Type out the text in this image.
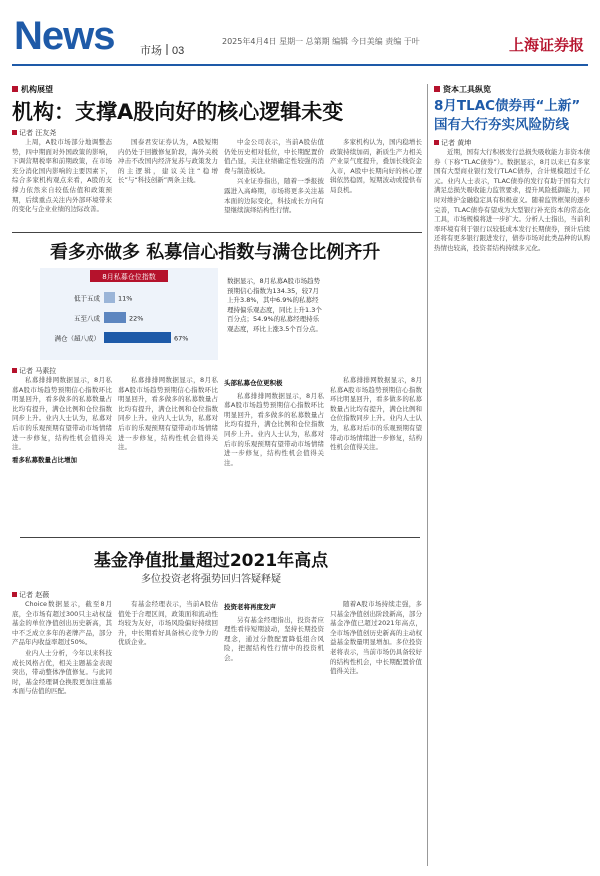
News 市场 03
2025年4月4日 星期一 总第期 编辑 今日美编 责编 于叶	上海证券报
机构展望
机构：支撑A股向好的核心逻辑未变
记者 汪友尧

上周，A股市场部分地调整态势，四中期面对外国政策的影响，下调营期税率和前期政策，在市场充分消化国内影响的主要因素下，综合多家机构观点来看，A股的支撑力依然来自较低估值和政策预期，后续重点关注内外部环境带来的变化与企业业绩的边际改善。

国泰君安证券认为，A股短期内仍处于回撤修复阶段，海外关税冲击不改国内经济复苏与政策发力的主逻辑，建议关注“稳增长”与“科技创新”两条主线。

中金公司表示，当前A股估值仍处历史相对低位，中长期配置价值凸显，关注业绩确定性较强的消费与制造板块。

兴业证券指出，随着一季报披露进入高峰期，市场将更多关注基本面的边际变化，科技成长方向有望继续演绎结构性行情。

多家机构认为，国内稳增长政策持续加码，新质生产力相关产业景气度提升，叠加长线资金入市，A股中长期向好的核心逻辑依然稳固，短期波动或提供布局良机。

资本工具纵览
8月TLAC债券再“上新” 国有大行夯实风险防线
记者 黄坤

近期，国有大行积极发行总损失吸收能力非资本债券（下称“TLAC债券”）。数据显示，8月以来已有多家国有大型商业银行发行TLAC债券，合计规模超过千亿元。业内人士表示，TLAC债券的发行有助于国有大行满足总损失吸收能力监管要求，提升风险抵御能力，同时对维护金融稳定具有积极意义。随着监管框架的逐步完善，TLAC债券有望成为大型银行补充资本的常态化工具，市场规模将进一步扩大。分析人士指出，当前利率环境有利于银行以较低成本发行长期债券，预计后续还将有更多银行跟进发行，债券市场对此类品种的认购热情也较高，投资者结构持续多元化。

看多亦做多 私募信心指数与满仓比例齐升
8月私募仓位指数
低于五成	11%
五至八成	22%
满仓（超八成）	67%
数据显示，8月私募A股市场趋势预期信心指数为134.35，较7月上升3.8%，其中6.9%的私募经理持偏乐观态度，同比上升1.3个百分点；54.9%的私募经理持乐观态度，环比上涨3.5个百分点。
记者 马素拉

私募排排网数据显示，8月私募A股市场趋势预期信心指数环比明显回升，看多做多的私募数量占比均有提升，满仓比例和仓位指数同步上升。业内人士认为，私募对后市的乐观预期有望带动市场情绪进一步修复，结构性机会值得关注。

看多私募数量占比增加

私募排排网数据显示，8月私募A股市场趋势预期信心指数环比明显回升，看多做多的私募数量占比均有提升，满仓比例和仓位指数同步上升。业内人士认为，私募对后市的乐观预期有望带动市场情绪进一步修复，结构性机会值得关注。

头部私募仓位更积极

私募排排网数据显示，8月私募A股市场趋势预期信心指数环比明显回升，看多做多的私募数量占比均有提升，满仓比例和仓位指数同步上升。业内人士认为，私募对后市的乐观预期有望带动市场情绪进一步修复，结构性机会值得关注。

私募排排网数据显示，8月私募A股市场趋势预期信心指数环比明显回升，看多做多的私募数量占比均有提升，满仓比例和仓位指数同步上升。业内人士认为，私募对后市的乐观预期有望带动市场情绪进一步修复，结构性机会值得关注。

基金净值批量超过2021年高点
多位投资老将强势回归答疑释疑
记者 赵薇

Choice数据显示，截至8月底，全市场有超过300只主动权益基金的单位净值创出历史新高，其中不乏成立多年的老牌产品，部分产品年内收益率超过50%。

业内人士分析，今年以来科技成长风格占优，相关主题基金表现突出，带动整体净值修复。与此同时，基金经理调仓换股更加注重基本面与估值的匹配。

有基金经理表示，当前A股估值处于合理区间，政策面和流动性均较为友好，市场风险偏好持续回升，中长期看好具备核心竞争力的优质企业。

投资老将再度发声

另有基金经理指出，投资者应理性看待短期波动，坚持长期投资理念，通过分散配置降低组合风险，把握结构性行情中的投资机会。

随着A股市场持续走强，多只基金净值创出阶段新高，部分基金净值已超过2021年高点，全市场净值创历史新高的主动权益基金数量明显增加。多位投资老将表示，当前市场仍具备较好的结构性机会，中长期配置价值值得关注。
